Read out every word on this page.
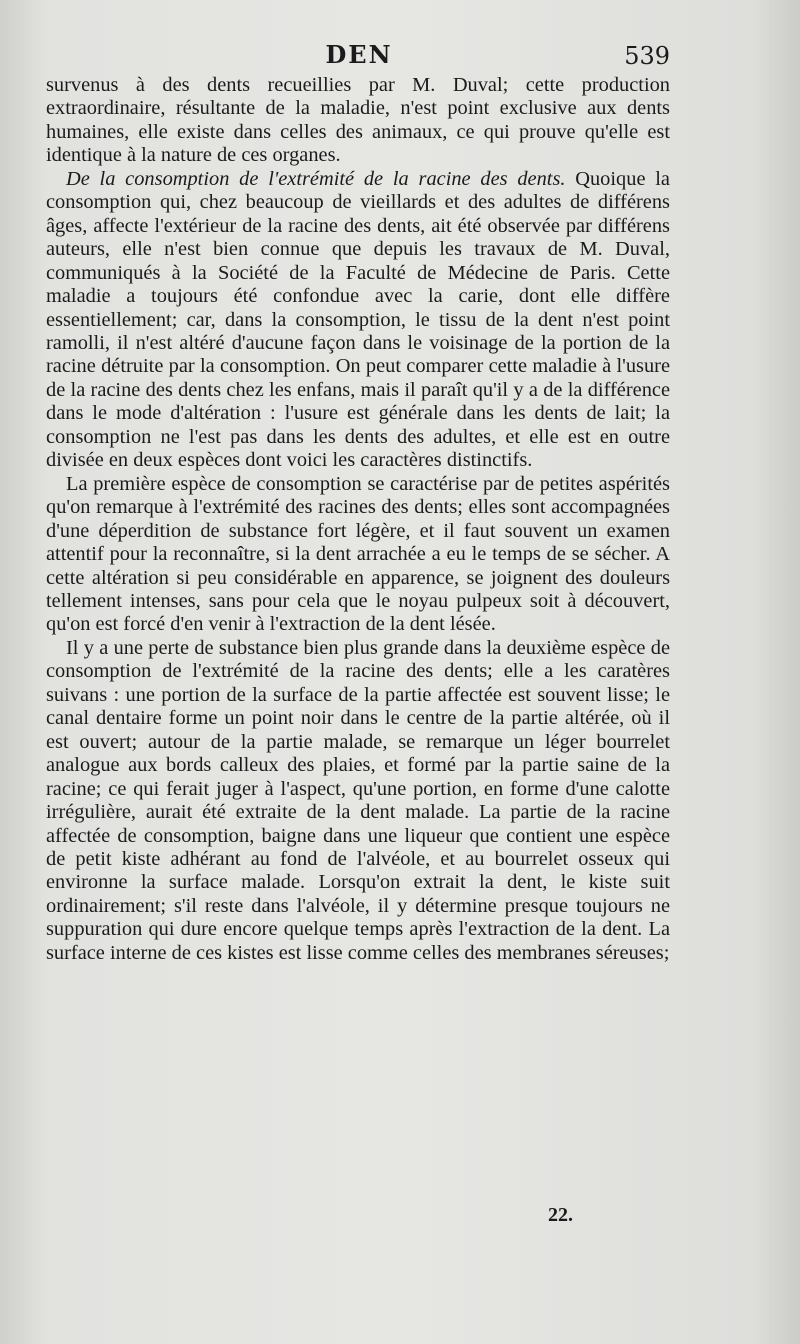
DEN	539

survenus à des dents recueillies par M. Duval; cette production extraordinaire, résultante de la maladie, n'est point exclusive aux dents humaines, elle existe dans celles des animaux, ce qui prouve qu'elle est identique à la nature de ces organes.

De la consomption de l'extrémité de la racine des dents. Quoique la consomption qui, chez beaucoup de vieillards et des adultes de différens âges, affecte l'extérieur de la racine des dents, ait été observée par différens auteurs, elle n'est bien connue que depuis les travaux de M. Duval, communiqués à la Société de la Faculté de Médecine de Paris. Cette maladie a toujours été confondue avec la carie, dont elle diffère essentiellement; car, dans la consomption, le tissu de la dent n'est point ramolli, il n'est altéré d'aucune façon dans le voisinage de la portion de la racine détruite par la consomption. On peut comparer cette maladie à l'usure de la racine des dents chez les enfans, mais il paraît qu'il y a de la différence dans le mode d'altération : l'usure est générale dans les dents de lait; la consomption ne l'est pas dans les dents des adultes, et elle est en outre divisée en deux espèces dont voici les caractères distinctifs.

La première espèce de consomption se caractérise par de petites aspérités qu'on remarque à l'extrémité des racines des dents; elles sont accompagnées d'une déperdition de substance fort légère, et il faut souvent un examen attentif pour la reconnaître, si la dent arrachée a eu le temps de se sécher. A cette altération si peu considérable en apparence, se joignent des douleurs tellement intenses, sans pour cela que le noyau pulpeux soit à découvert, qu'on est forcé d'en venir à l'extraction de la dent lésée.

Il y a une perte de substance bien plus grande dans la deuxième espèce de consomption de l'extrémité de la racine des dents; elle a les caratères suivans : une portion de la surface de la partie affectée est souvent lisse; le canal dentaire forme un point noir dans le centre de la partie altérée, où il est ouvert; autour de la partie malade, se remarque un léger bourrelet analogue aux bords calleux des plaies, et formé par la partie saine de la racine; ce qui ferait juger à l'aspect, qu'une portion, en forme d'une calotte irrégulière, aurait été extraite de la dent malade. La partie de la racine affectée de consomption, baigne dans une liqueur que contient une espèce de petit kiste adhérant au fond de l'alvéole, et au bourrelet osseux qui environne la surface malade. Lorsqu'on extrait la dent, le kiste suit ordinairement; s'il reste dans l'alvéole, il y détermine presque toujours ne suppuration qui dure encore quelque temps après l'extraction de la dent. La surface interne de ces kistes est lisse comme celles des membranes séreuses;

22.
